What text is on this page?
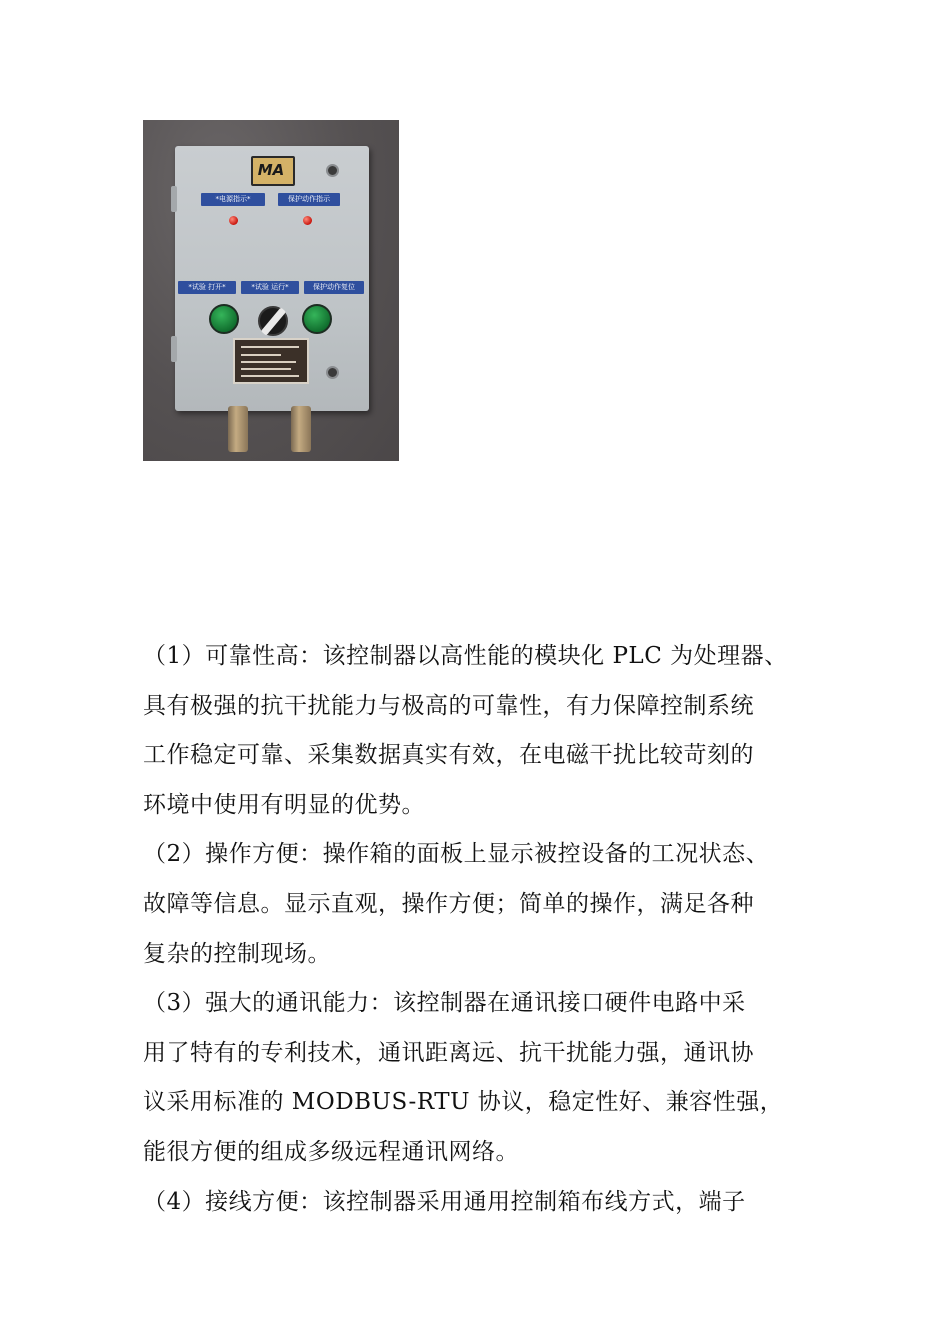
MA
*电源指示*	保护动作指示
*试验 打开*	*试验 运行*	保护动作复位
（1）可靠性高：该控制器以高性能的模块化 PLC 为处理器、
具有极强的抗干扰能力与极高的可靠性，有力保障控制系统
工作稳定可靠、采集数据真实有效，在电磁干扰比较苛刻的
环境中使用有明显的优势。
（2）操作方便：操作箱的面板上显示被控设备的工况状态、
故障等信息。显示直观，操作方便；简单的操作，满足各种
复杂的控制现场。
（3）强大的通讯能力：该控制器在通讯接口硬件电路中采
用了特有的专利技术，通讯距离远、抗干扰能力强，通讯协
议采用标准的 MODBUS-RTU 协议，稳定性好、兼容性强，
能很方便的组成多级远程通讯网络。
（4）接线方便：该控制器采用通用控制箱布线方式，端子
